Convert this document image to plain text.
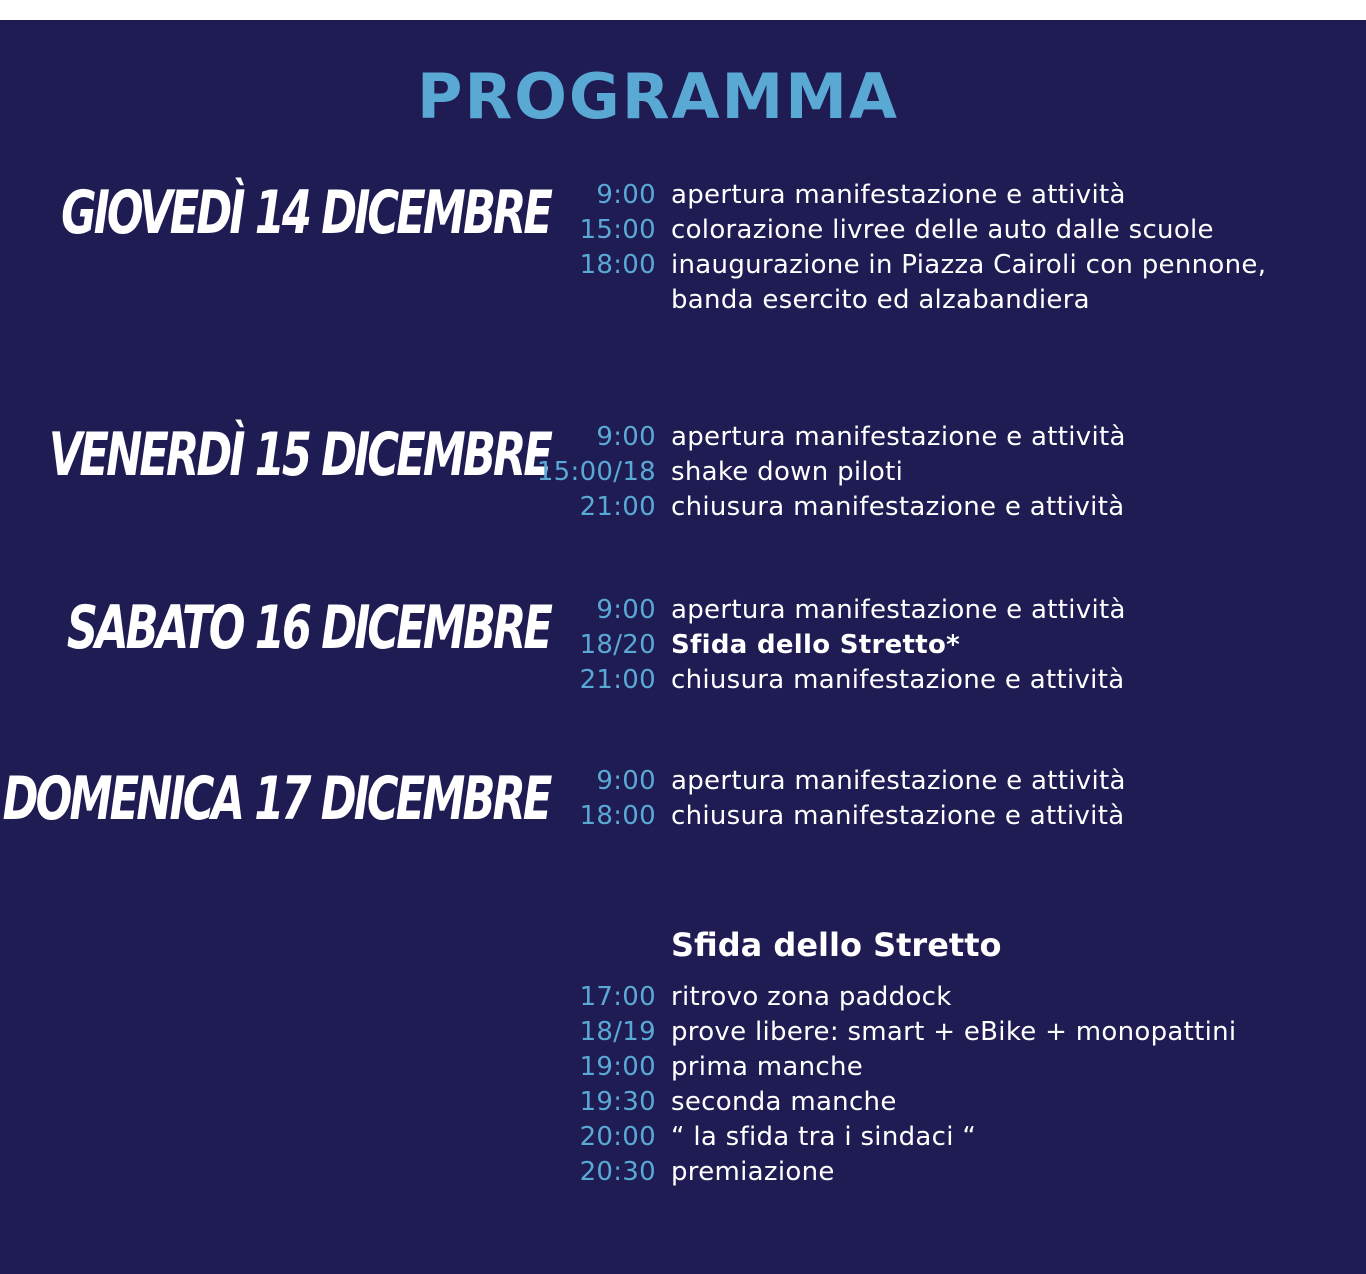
PROGRAMMA
GIOVEDÌ 14 DICEMBRE	9:00 apertura manifestazione e attività
15:00 colorazione livree delle auto dalle scuole
18:00 inaugurazione in Piazza Cairoli con pennone,
banda esercito ed alzabandiera
VENERDÌ 15 DICEMBRE	9:00 apertura manifestazione e attività
15:00/18 shake down piloti
21:00 chiusura manifestazione e attività
SABATO 16 DICEMBRE	9:00 apertura manifestazione e attività
18/20 Sfida dello Stretto*
21:00 chiusura manifestazione e attività
DOMENICA 17 DICEMBRE	9:00 apertura manifestazione e attività
18:00 chiusura manifestazione e attività
Sfida dello Stretto
17:00 ritrovo zona paddock
18/19 prove libere: smart + eBike + monopattini
19:00 prima manche
19:30 seconda manche
20:00 “ la sfida tra i sindaci “
20:30 premiazione
